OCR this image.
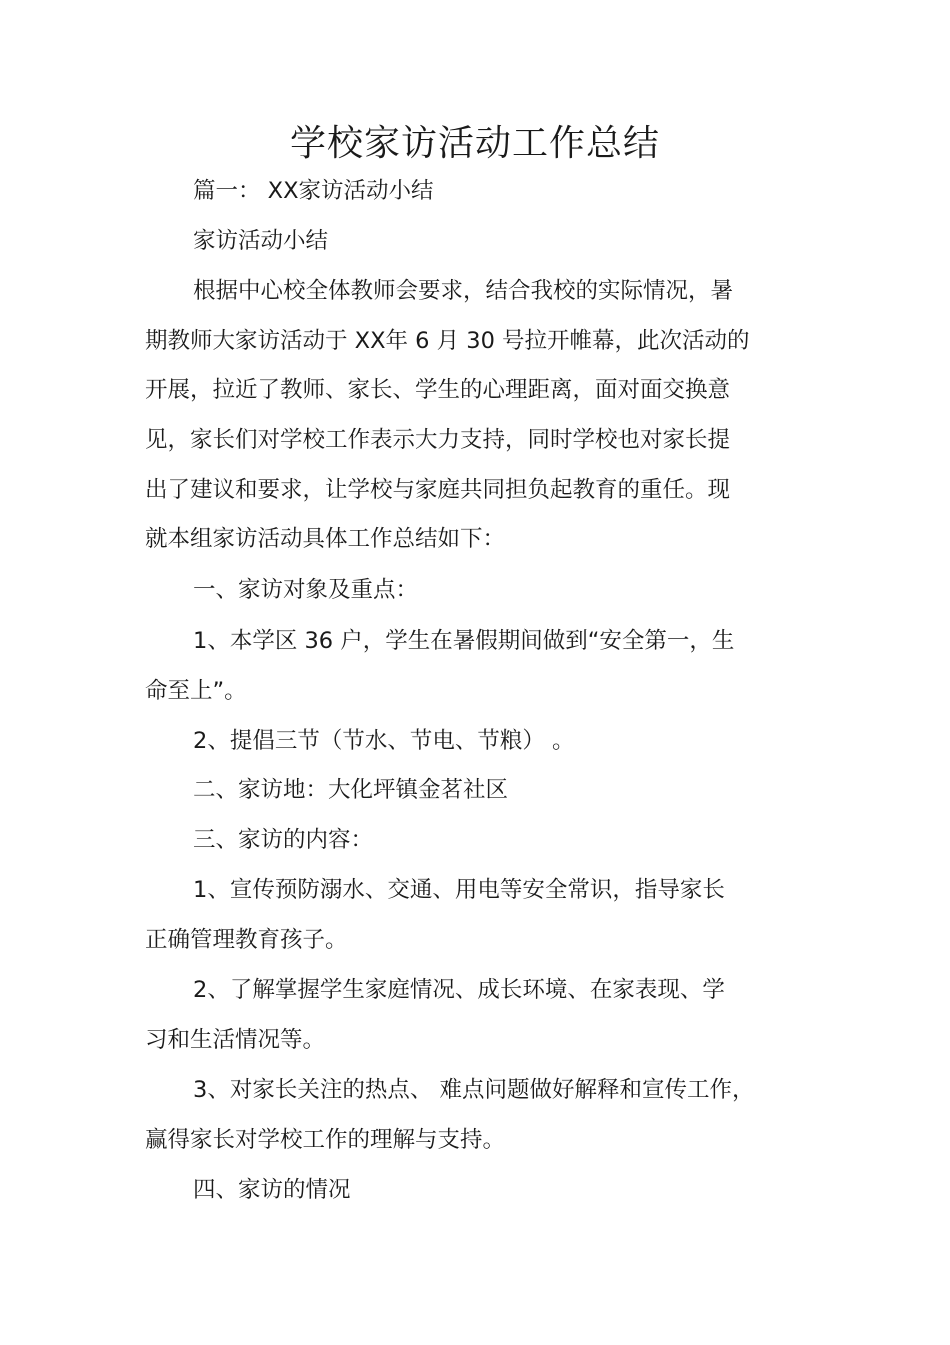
学校家访活动工作总结
篇一： XX家访活动小结
家访活动小结
根据中心校全体教师会要求，结合我校的实际情况，暑
期教师大家访活动于 XX年 6 月 30 号拉开帷幕，此次活动的
开展，拉近了教师、家长、学生的心理距离，面对面交换意
见，家长们对学校工作表示大力支持，同时学校也对家长提
出了建议和要求，让学校与家庭共同担负起教育的重任。现
就本组家访活动具体工作总结如下：
一、家访对象及重点：
1、本学区 36 户，学生在暑假期间做到“安全第一，生
命至上”。
2、提倡三节（节水、节电、节粮） 。
二、家访地：大化坪镇金茗社区
三、家访的内容：
1、宣传预防溺水、交通、用电等安全常识，指导家长
正确管理教育孩子。
2、了解掌握学生家庭情况、成长环境、在家表现、学
习和生活情况等。
3、对家长关注的热点、 难点问题做好解释和宣传工作，
赢得家长对学校工作的理解与支持。
四、家访的情况
